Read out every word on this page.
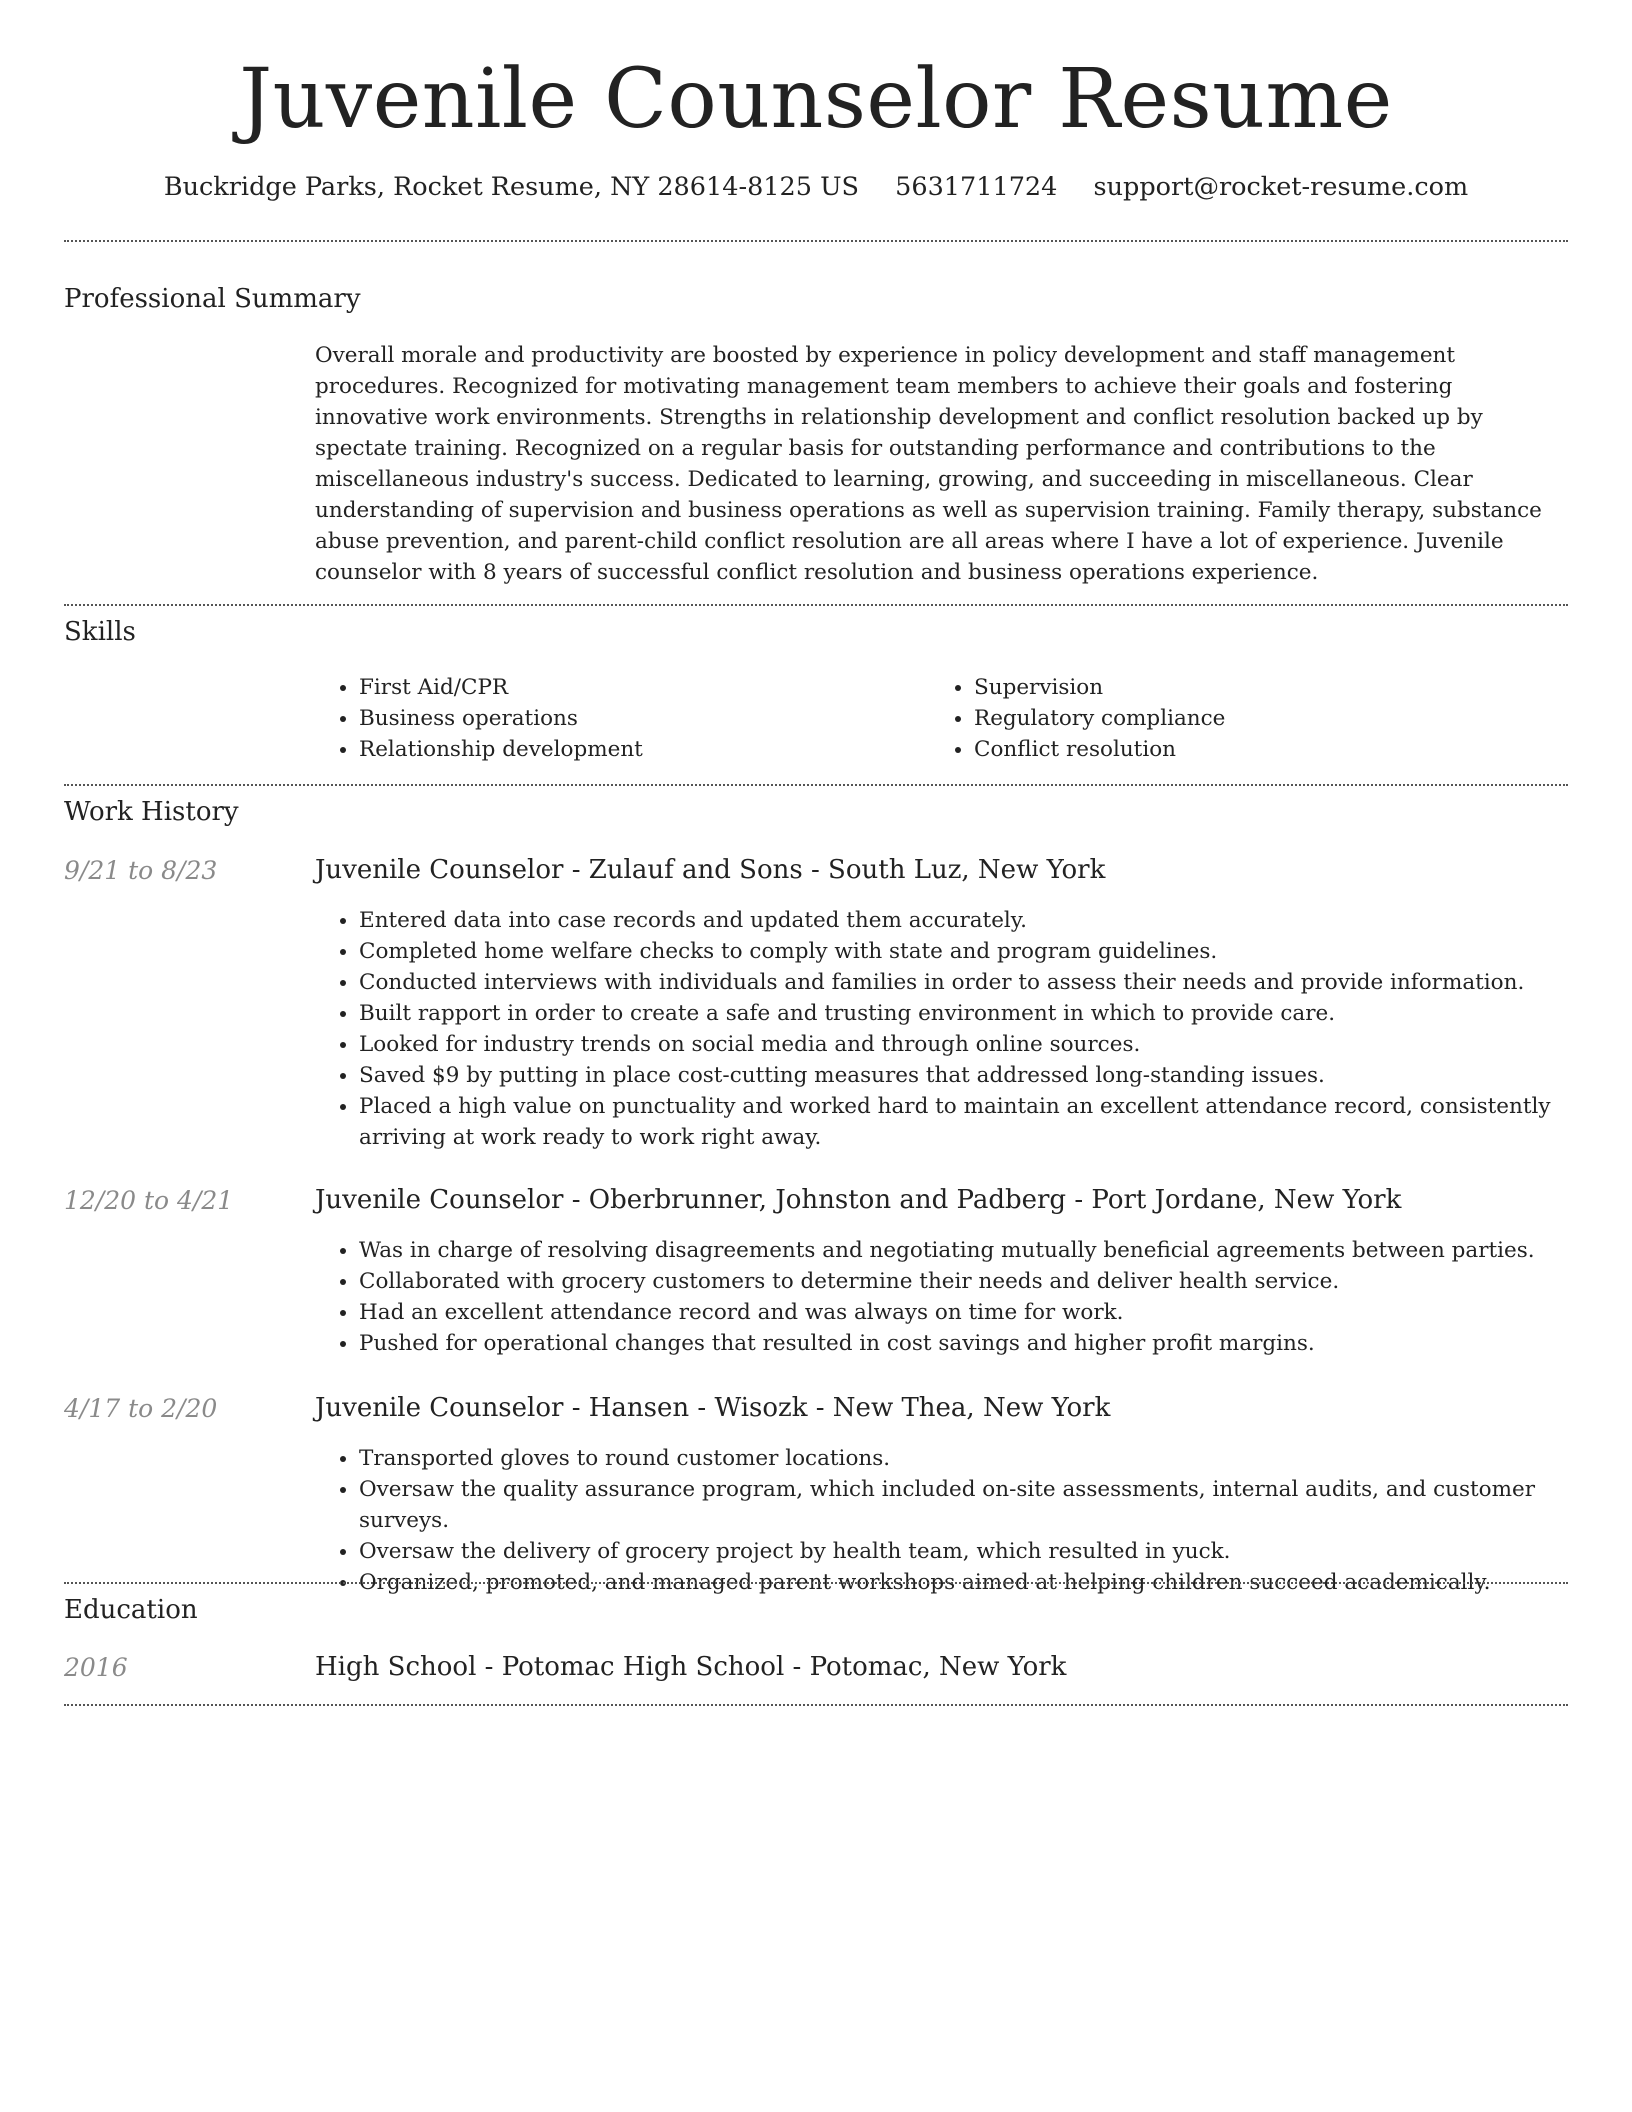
Juvenile Counselor Resume
Buckridge Parks, Rocket Resume, NY 28614-8125 US 5631711724 support@rocket-resume.com
Professional Summary

Overall morale and productivity are boosted by experience in policy development and staff management procedures. Recognized for motivating management team members to achieve their goals and fostering innovative work environments. Strengths in relationship development and conflict resolution backed up by spectate training. Recognized on a regular basis for outstanding performance and contributions to the miscellaneous industry's success. Dedicated to learning, growing, and succeeding in miscellaneous. Clear understanding of supervision and business operations as well as supervision training. Family therapy, substance abuse prevention, and parent-child conflict resolution are all areas where I have a lot of experience. Juvenile counselor with 8 years of successful conflict resolution and business operations experience.

Skills
• First Aid/CPR
• Business operations
• Relationship development
• Supervision
• Regulatory compliance
• Conflict resolution
Work History
9/21 to 8/23	Juvenile Counselor - Zulauf and Sons - South Luz, New York
• Entered data into case records and updated them accurately.
• Completed home welfare checks to comply with state and program guidelines.
• Conducted interviews with individuals and families in order to assess their needs and provide information.
• Built rapport in order to create a safe and trusting environment in which to provide care.
• Looked for industry trends on social media and through online sources.
• Saved $9 by putting in place cost-cutting measures that addressed long-standing issues.
• Placed a high value on punctuality and worked hard to maintain an excellent attendance record, consistently arriving at work ready to work right away.
12/20 to 4/21	Juvenile Counselor - Oberbrunner, Johnston and Padberg - Port Jordane, New York
• Was in charge of resolving disagreements and negotiating mutually beneficial agreements between parties.
• Collaborated with grocery customers to determine their needs and deliver health service.
• Had an excellent attendance record and was always on time for work.
• Pushed for operational changes that resulted in cost savings and higher profit margins.
4/17 to 2/20	Juvenile Counselor - Hansen - Wisozk - New Thea, New York
• Transported gloves to round customer locations.
• Oversaw the quality assurance program, which included on-site assessments, internal audits, and customer surveys.
• Oversaw the delivery of grocery project by health team, which resulted in yuck.
• Organized, promoted, and managed parent workshops aimed at helping children succeed academically.
Education
2016	High School - Potomac High School - Potomac, New York
